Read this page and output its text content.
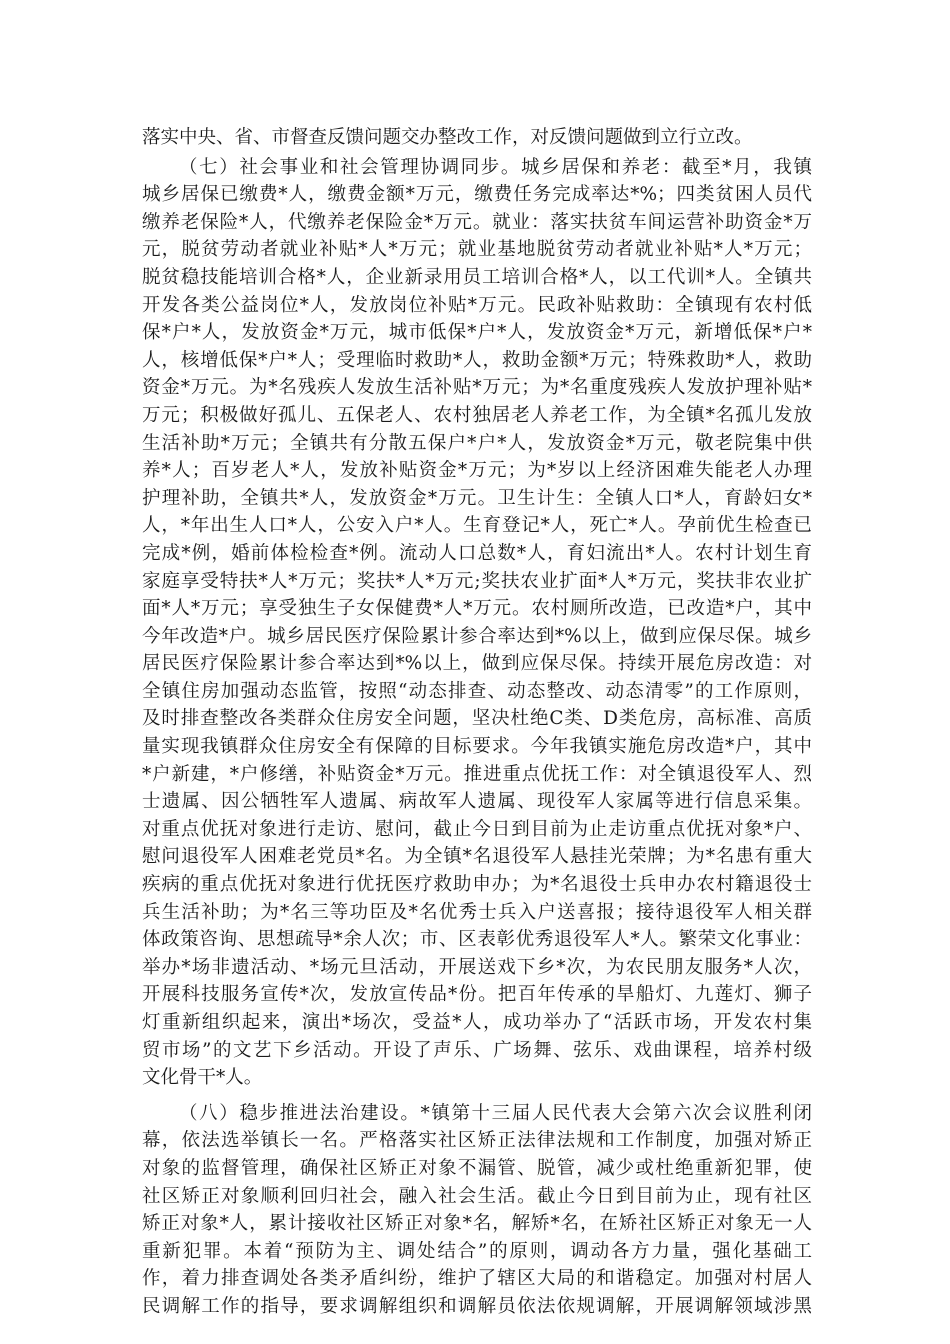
落实中央、省、市督查反馈问题交办整改工作，对反馈问题做到立行立改。
（七）社会事业和社会管理协调同步。城乡居保和养老：截至*月，我镇
城乡居保已缴费*人，缴费金额*万元，缴费任务完成率达*%；四类贫困人员代
缴养老保险*人，代缴养老保险金*万元。就业：落实扶贫车间运营补助资金*万
元，脱贫劳动者就业补贴*人*万元；就业基地脱贫劳动者就业补贴*人*万元；
脱贫稳技能培训合格*人，企业新录用员工培训合格*人，以工代训*人。全镇共
开发各类公益岗位*人，发放岗位补贴*万元。民政补贴救助：全镇现有农村低
保*户*人，发放资金*万元，城市低保*户*人，发放资金*万元，新增低保*户*
人，核增低保*户*人；受理临时救助*人，救助金额*万元；特殊救助*人，救助
资金*万元。为*名残疾人发放生活补贴*万元；为*名重度残疾人发放护理补贴*
万元；积极做好孤儿、五保老人、农村独居老人养老工作，为全镇*名孤儿发放
生活补助*万元；全镇共有分散五保户*户*人，发放资金*万元，敬老院集中供
养*人；百岁老人*人，发放补贴资金*万元；为*岁以上经济困难失能老人办理
护理补助，全镇共*人，发放资金*万元。卫生计生：全镇人口*人，育龄妇女*
人，*年出生人口*人，公安入户*人。生育登记*人，死亡*人。孕前优生检查已
完成*例，婚前体检检查*例。流动人口总数*人，育妇流出*人。农村计划生育
家庭享受特扶*人*万元；奖扶*人*万元;奖扶农业扩面*人*万元，奖扶非农业扩
面*人*万元；享受独生子女保健费*人*万元。农村厕所改造，已改造*户，其中
今年改造*户。城乡居民医疗保险累计参合率达到*%以上，做到应保尽保。城乡
居民医疗保险累计参合率达到*%以上，做到应保尽保。持续开展危房改造：对
全镇住房加强动态监管，按照“动态排查、动态整改、动态清零”的工作原则，
及时排查整改各类群众住房安全问题，坚决杜绝C类、D类危房，高标准、高质
量实现我镇群众住房安全有保障的目标要求。今年我镇实施危房改造*户，其中
*户新建，*户修缮，补贴资金*万元。推进重点优抚工作：对全镇退役军人、烈
士遗属、因公牺牲军人遗属、病故军人遗属、现役军人家属等进行信息采集。
对重点优抚对象进行走访、慰问，截止今日到目前为止走访重点优抚对象*户、
慰问退役军人困难老党员*名。为全镇*名退役军人悬挂光荣牌；为*名患有重大
疾病的重点优抚对象进行优抚医疗救助申办；为*名退役士兵申办农村籍退役士
兵生活补助；为*名三等功臣及*名优秀士兵入户送喜报；接待退役军人相关群
体政策咨询、思想疏导*余人次；市、区表彰优秀退役军人*人。繁荣文化事业：
举办*场非遗活动、*场元旦活动，开展送戏下乡*次，为农民朋友服务*人次，
开展科技服务宣传*次，发放宣传品*份。把百年传承的旱船灯、九莲灯、狮子
灯重新组织起来，演出*场次，受益*人，成功举办了“活跃市场，开发农村集
贸市场”的文艺下乡活动。开设了声乐、广场舞、弦乐、戏曲课程，培养村级
文化骨干*人。
（八）稳步推进法治建设。*镇第十三届人民代表大会第六次会议胜利闭
幕，依法选举镇长一名。严格落实社区矫正法律法规和工作制度，加强对矫正
对象的监督管理，确保社区矫正对象不漏管、脱管，减少或杜绝重新犯罪，使
社区矫正对象顺利回归社会，融入社会生活。截止今日到目前为止，现有社区
矫正对象*人，累计接收社区矫正对象*名，解矫*名，在矫社区矫正对象无一人
重新犯罪。本着“预防为主、调处结合”的原则，调动各方力量，强化基础工
作，着力排查调处各类矛盾纠纷，维护了辖区大局的和谐稳定。加强对村居人
民调解工作的指导，要求调解组织和调解员依法依规调解，开展调解领域涉黑
